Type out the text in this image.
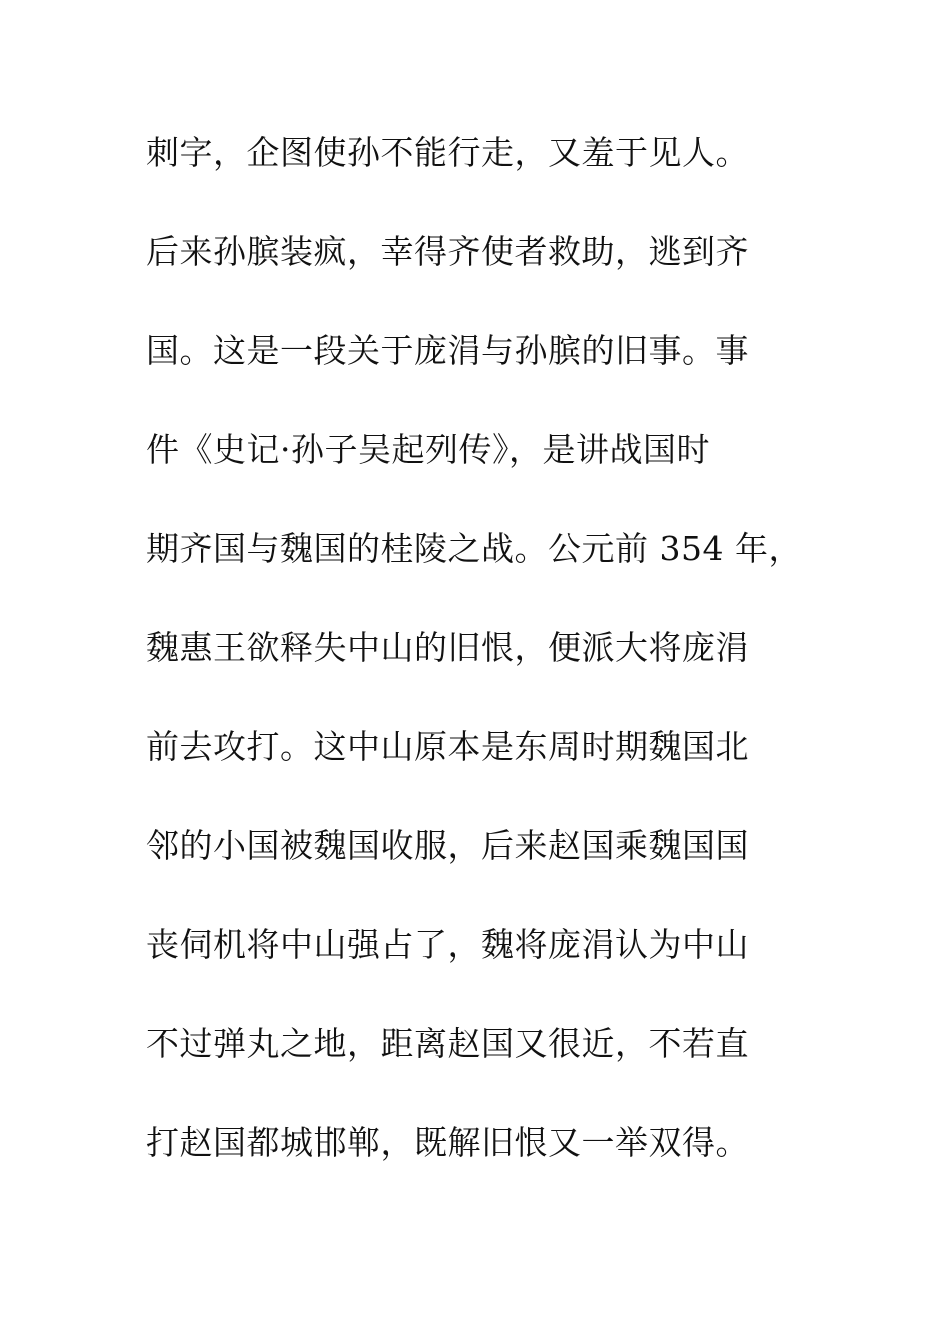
刺字，企图使孙不能行走，又羞于见人。
后来孙膑装疯，幸得齐使者救助，逃到齐
国。这是一段关于庞涓与孙膑的旧事。事
件《史记·孙子吴起列传》，是讲战国时
期齐国与魏国的桂陵之战。公元前 354 年，
魏惠王欲释失中山的旧恨，便派大将庞涓
前去攻打。这中山原本是东周时期魏国北
邻的小国被魏国收服，后来赵国乘魏国国
丧伺机将中山强占了，魏将庞涓认为中山
不过弹丸之地，距离赵国又很近，不若直
打赵国都城邯郸，既解旧恨又一举双得。
